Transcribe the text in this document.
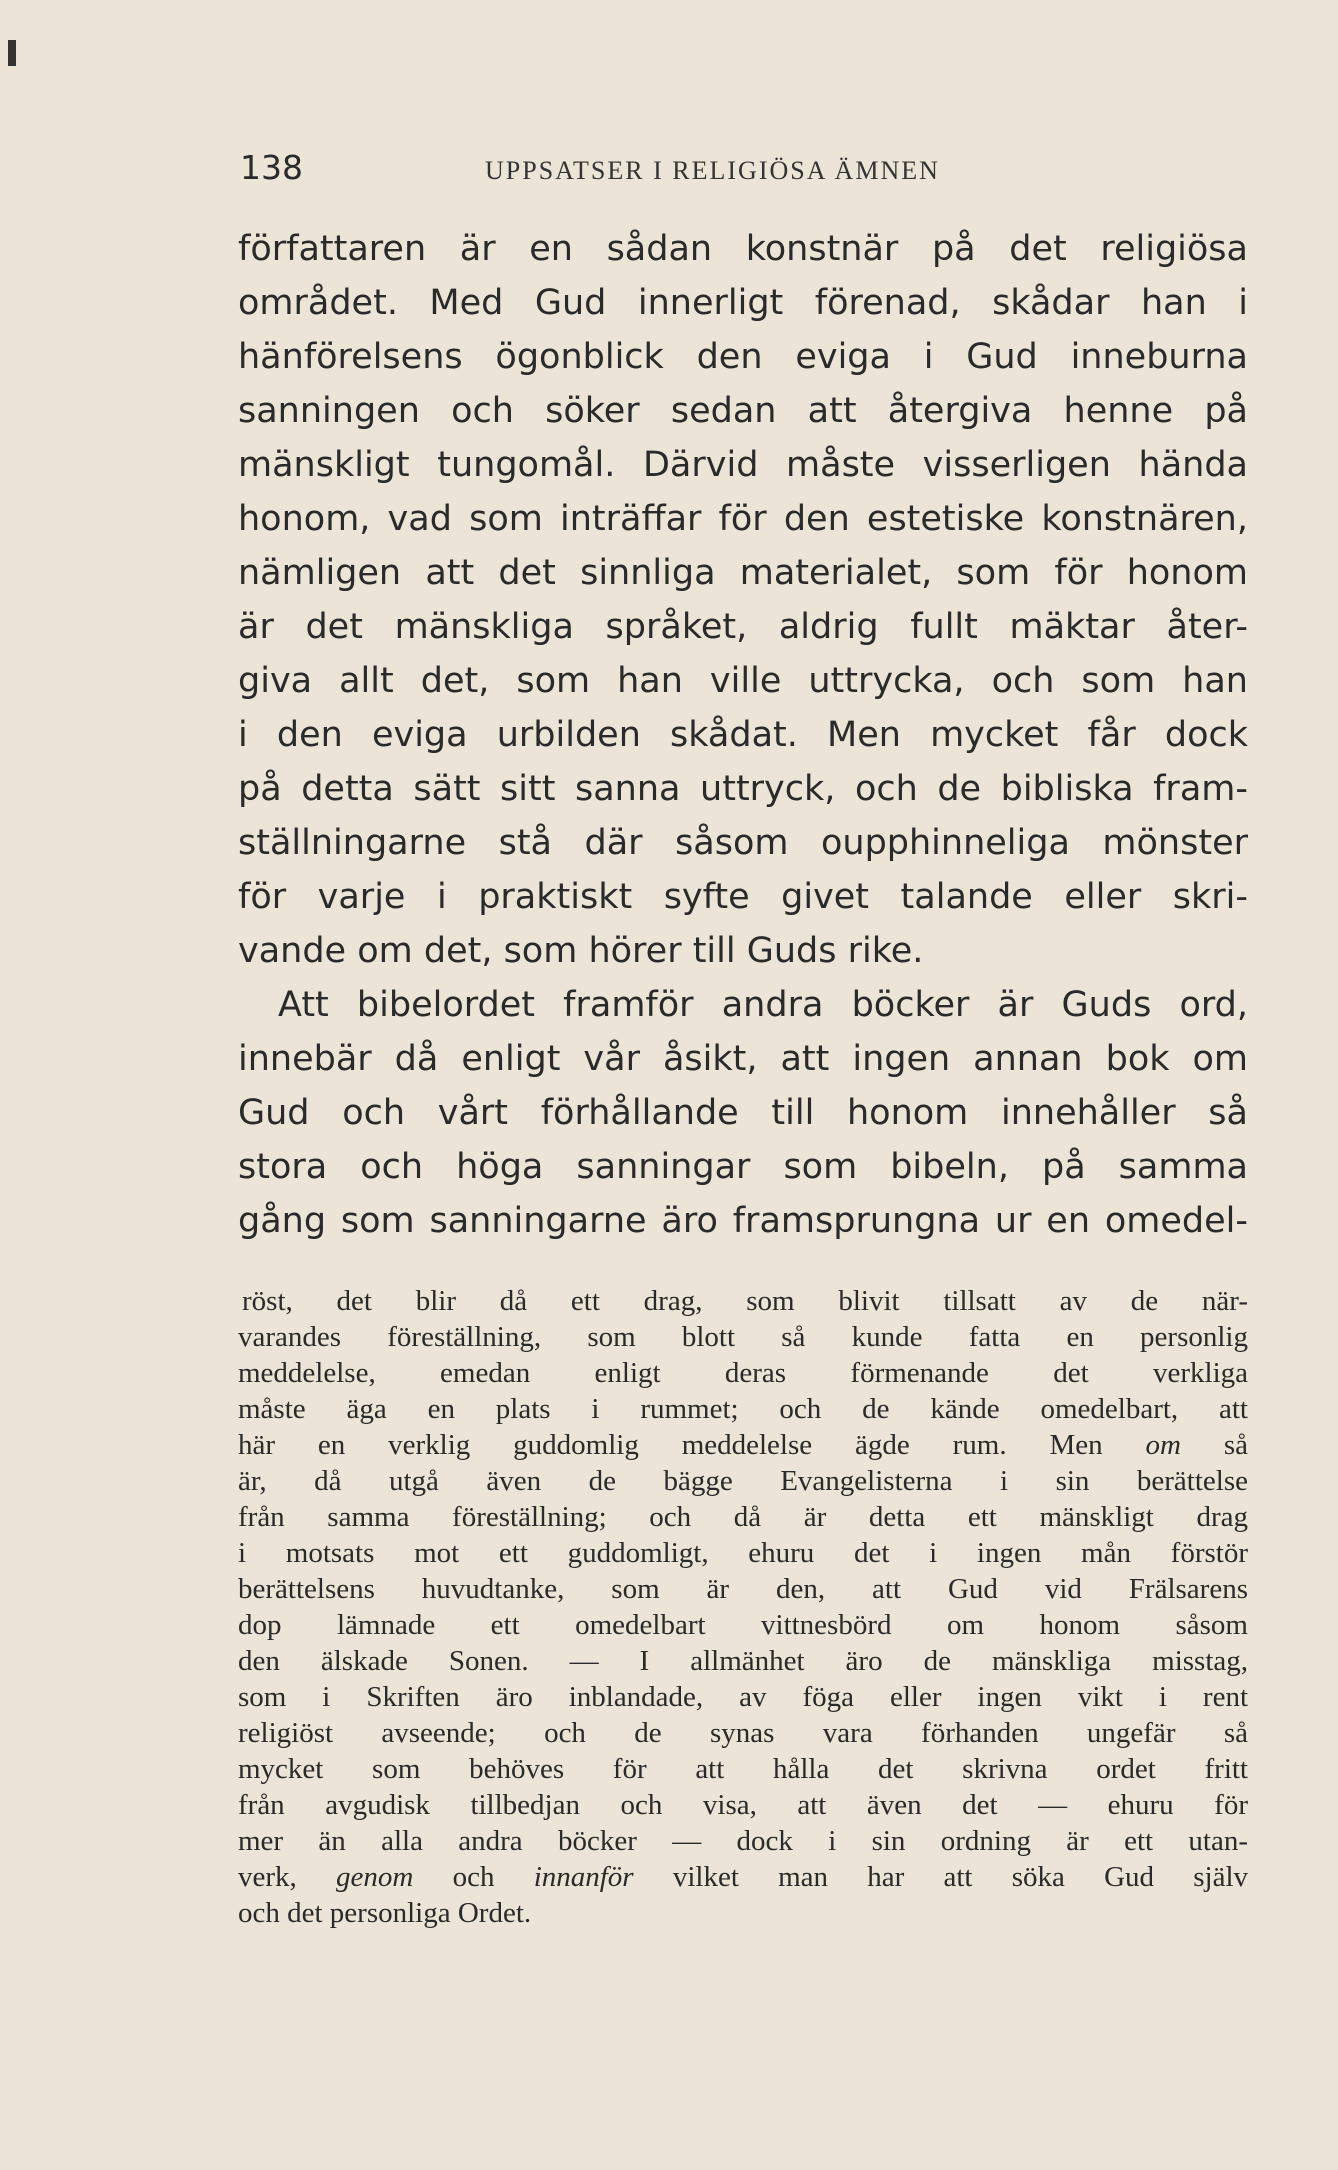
138	UPPSATSER I RELIGIÖSA ÄMNEN
författaren är en sådan konstnär på det religiösa
området. Med Gud innerligt förenad, skådar han i
hänförelsens ögonblick den eviga i Gud inneburna
sanningen och söker sedan att återgiva henne på
mänskligt tungomål. Därvid måste visserligen hända
honom, vad som inträffar för den estetiske konstnären,
nämligen att det sinnliga materialet, som för honom
är det mänskliga språket, aldrig fullt mäktar åter-
giva allt det, som han ville uttrycka, och som han
i den eviga urbilden skådat. Men mycket får dock
på detta sätt sitt sanna uttryck, och de bibliska fram-
ställningarne stå där såsom oupphinneliga mönster
för varje i praktiskt syfte givet talande eller skri-
vande om det, som hörer till Guds rike.
Att bibelordet framför andra böcker är Guds ord,
innebär då enligt vår åsikt, att ingen annan bok om
Gud och vårt förhållande till honom innehåller så
stora och höga sanningar som bibeln, på samma
gång som sanningarne äro framsprungna ur en omedel-
röst, det blir då ett drag, som blivit tillsatt av de när-
varandes föreställning, som blott så kunde fatta en personlig
meddelelse, emedan enligt deras förmenande det verkliga
måste äga en plats i rummet; och de kände omedelbart, att
här en verklig guddomlig meddelelse ägde rum. Men om så
är, då utgå även de bägge Evangelisterna i sin berättelse
från samma föreställning; och då är detta ett mänskligt drag
i motsats mot ett guddomligt, ehuru det i ingen mån förstör
berättelsens huvudtanke, som är den, att Gud vid Frälsarens
dop lämnade ett omedelbart vittnesbörd om honom såsom
den älskade Sonen. — I allmänhet äro de mänskliga misstag,
som i Skriften äro inblandade, av föga eller ingen vikt i rent
religiöst avseende; och de synas vara förhanden ungefär så
mycket som behöves för att hålla det skrivna ordet fritt
från avgudisk tillbedjan och visa, att även det — ehuru för
mer än alla andra böcker — dock i sin ordning är ett utan-
verk, genom och innanför vilket man har att söka Gud själv
och det personliga Ordet.
